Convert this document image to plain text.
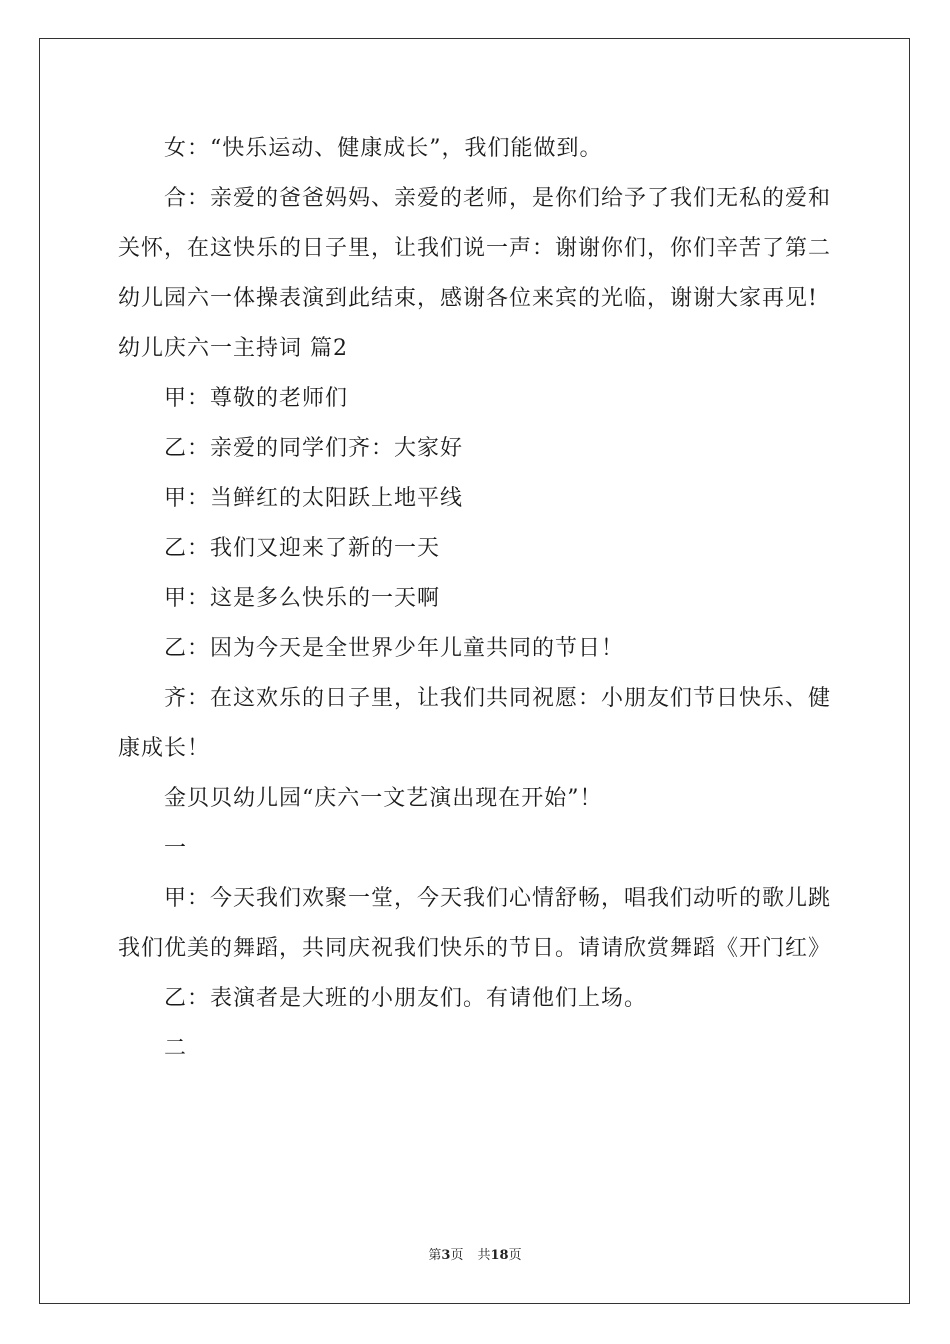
女：“快乐运动、健康成长”，我们能做到。

合：亲爱的爸爸妈妈、亲爱的老师，是你们给予了我们无私的爱和关怀，在这快乐的日子里，让我们说一声：谢谢你们，你们辛苦了第二幼儿园六一体操表演到此结束，感谢各位来宾的光临，谢谢大家再见!

幼儿庆六一主持词 篇2

甲：尊敬的老师们

乙：亲爱的同学们齐：大家好

甲：当鲜红的太阳跃上地平线

乙：我们又迎来了新的一天

甲：这是多么快乐的一天啊

乙：因为今天是全世界少年儿童共同的节日！

齐：在这欢乐的日子里，让我们共同祝愿：小朋友们节日快乐、健康成长！

金贝贝幼儿园“庆六一文艺演出现在开始”！

一

甲：今天我们欢聚一堂，今天我们心情舒畅，唱我们动听的歌儿跳我们优美的舞蹈，共同庆祝我们快乐的节日。请请欣赏舞蹈《开门红》

乙：表演者是大班的小朋友们。有请他们上场。

二

第3页 共18页
